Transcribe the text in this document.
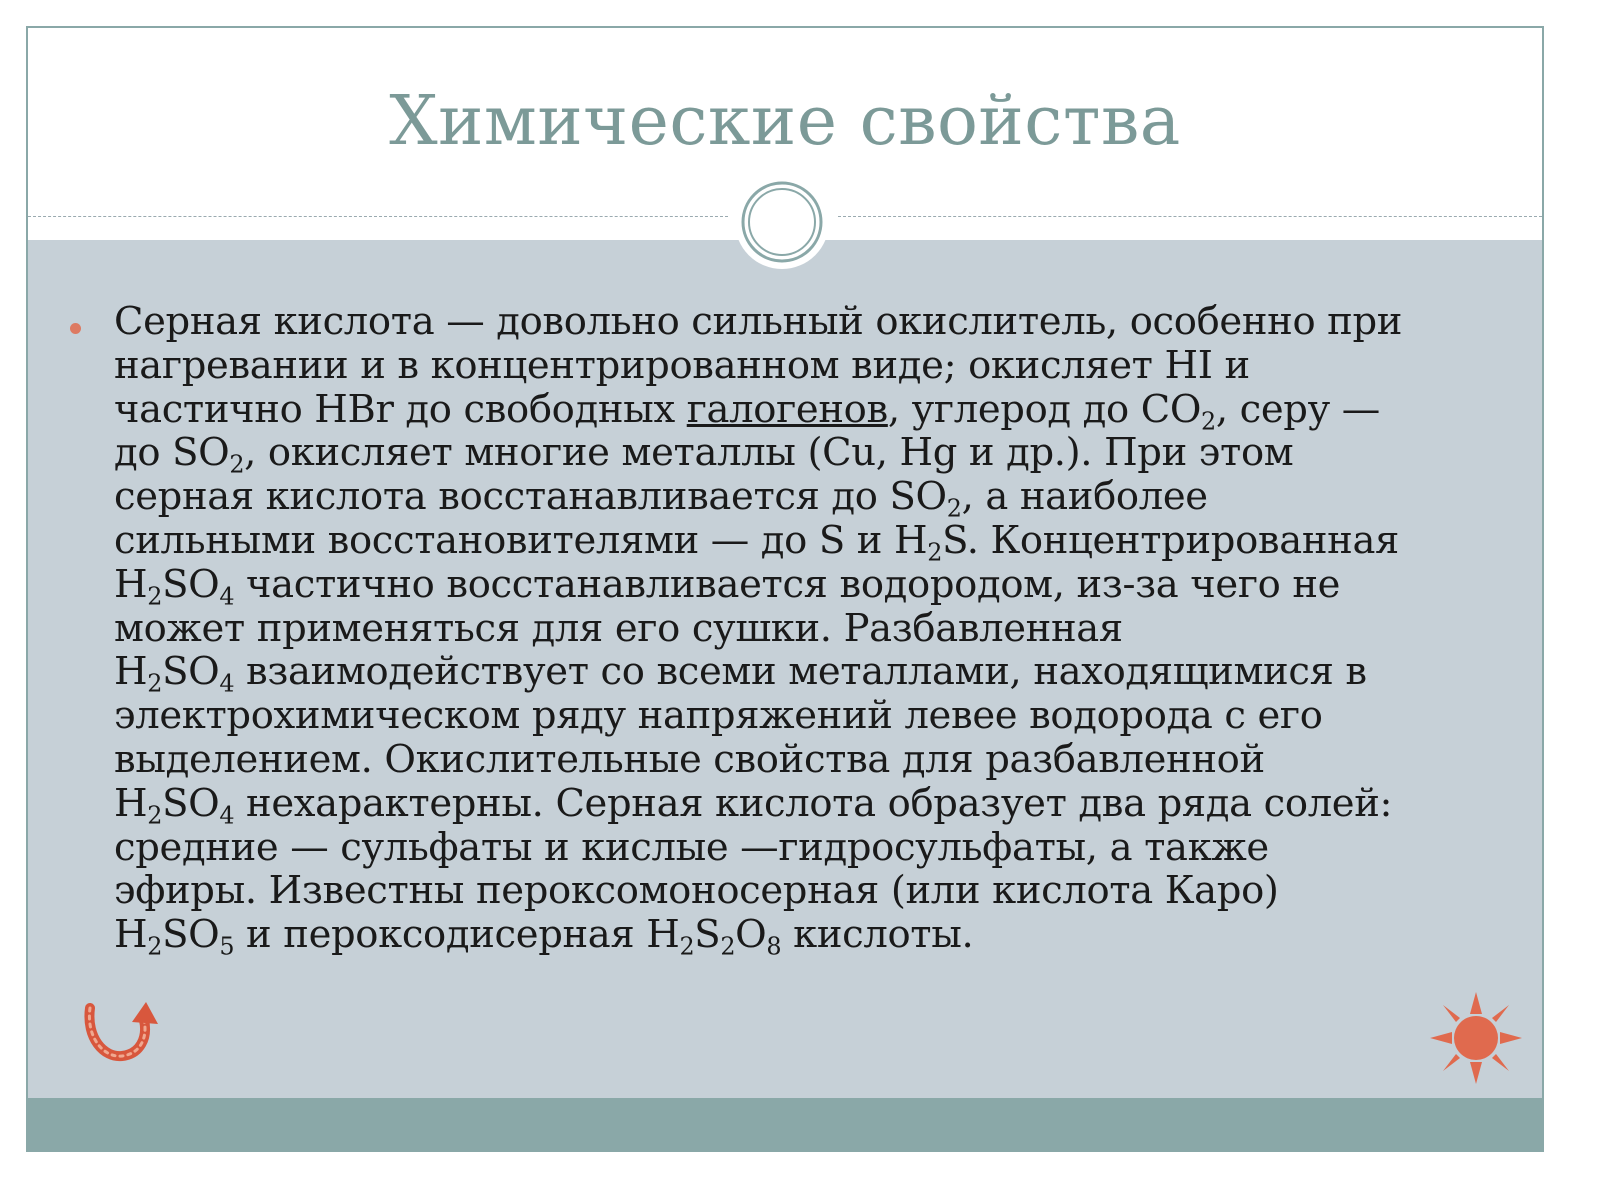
Химические свойства
Серная кислота — довольно сильный окислитель, особенно при
нагревании и в концентрированном виде; окисляет HI и
частично HBr до свободных галогенов, углерод до $CO_2$, серу —
до $SO_2$, окисляет многие металлы (Cu, Hg и др.). При этом
серная кислота восстанавливается до $SO_2$, а наиболее
сильными восстановителями — до S и $H_2S$. Концентрированная
$H_2SO_4$ частично восстанавливается водородом, из-за чего не
может применяться для его сушки. Разбавленная
$H_2SO_4$ взаимодействует со всеми металлами, находящимися в
электрохимическом ряду напряжений левее водорода с его
выделением. Окислительные свойства для разбавленной
$H_2SO_4$ нехарактерны. Серная кислота образует два ряда солей:
средние — сульфаты и кислые —гидросульфаты, а также
эфиры. Известны пероксомоносерная (или кислота Каро)
$H_2SO_5$ и пероксодисерная $H_2S_2O_8$ кислоты.
